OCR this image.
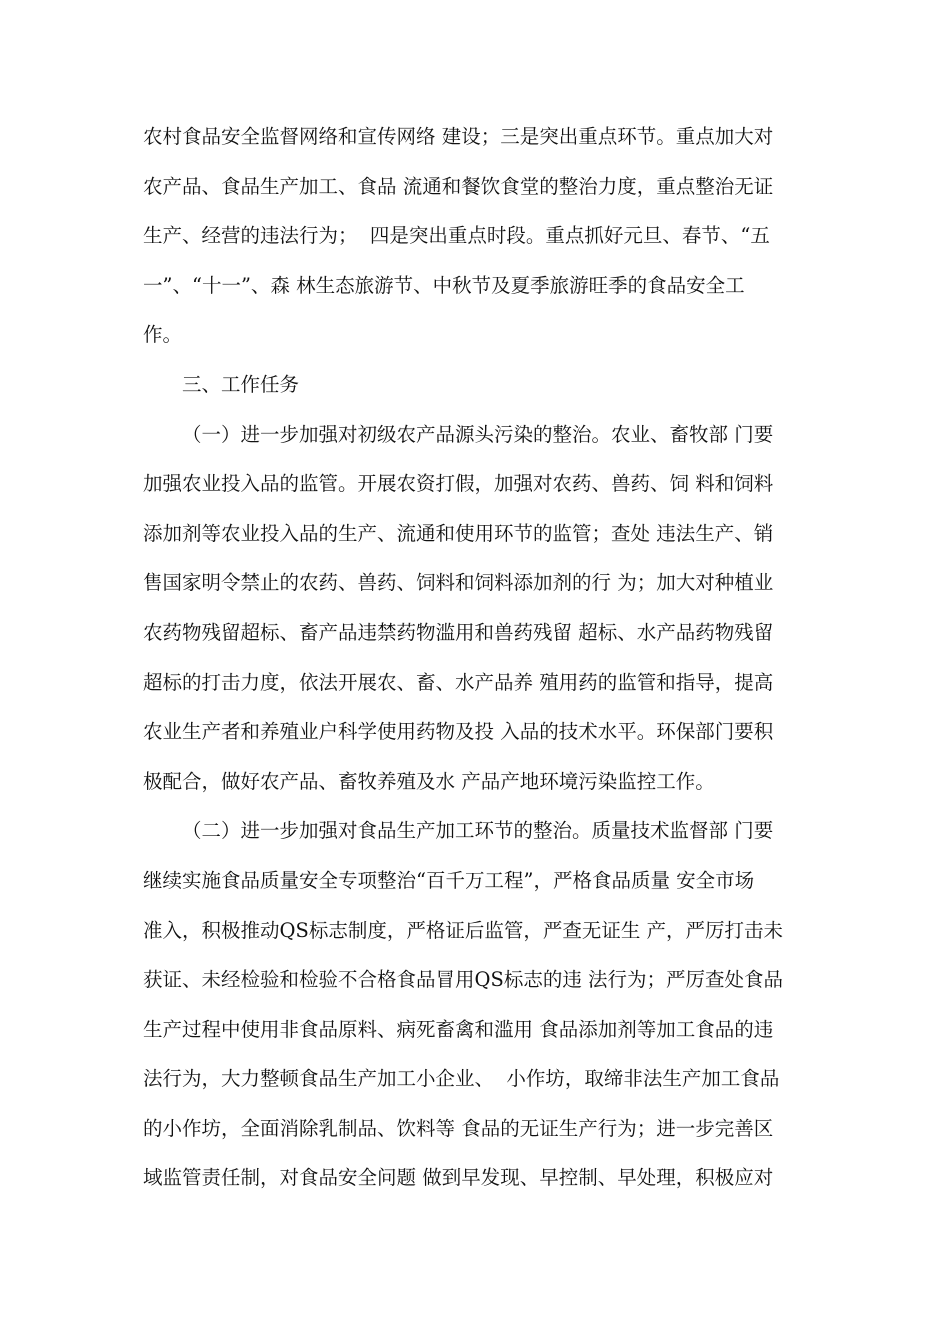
农村食品安全监督网络和宣传网络 建设；三是突出重点环节。重点加大对
农产品、食品生产加工、食品 流通和餐饮食堂的整治力度，重点整治无证
生产、经营的违法行为；  四是突出重点时段。重点抓好元旦、春节、“五
一”、“十一”、森 林生态旅游节、中秋节及夏季旅游旺季的食品安全工
作。
三、工作任务
（一）进一步加强对初级农产品源头污染的整治。农业、畜牧部 门要
加强农业投入品的监管。开展农资打假，加强对农药、兽药、饲 料和饲料
添加剂等农业投入品的生产、流通和使用环节的监管；查处 违法生产、销
售国家明令禁止的农药、兽药、饲料和饲料添加剂的行 为；加大对种植业
农药物残留超标、畜产品违禁药物滥用和兽药残留 超标、水产品药物残留
超标的打击力度，依法开展农、畜、水产品养 殖用药的监管和指导，提高
农业生产者和养殖业户科学使用药物及投 入品的技术水平。环保部门要积
极配合，做好农产品、畜牧养殖及水 产品产地环境污染监控工作。
（二）进一步加强对食品生产加工环节的整治。质量技术监督部 门要
继续实施食品质量安全专项整治“百千万工程”，严格食品质量 安全市场
准入，积极推动QS标志制度，严格证后监管，严查无证生 产，严厉打击未
获证、未经检验和检验不合格食品冒用QS标志的违 法行为；严厉查处食品
生产过程中使用非食品原料、病死畜禽和滥用 食品添加剂等加工食品的违
法行为，大力整顿食品生产加工小企业、  小作坊，取缔非法生产加工食品
的小作坊，全面消除乳制品、饮料等 食品的无证生产行为；进一步完善区
域监管责任制，对食品安全问题 做到早发现、早控制、早处理，积极应对
